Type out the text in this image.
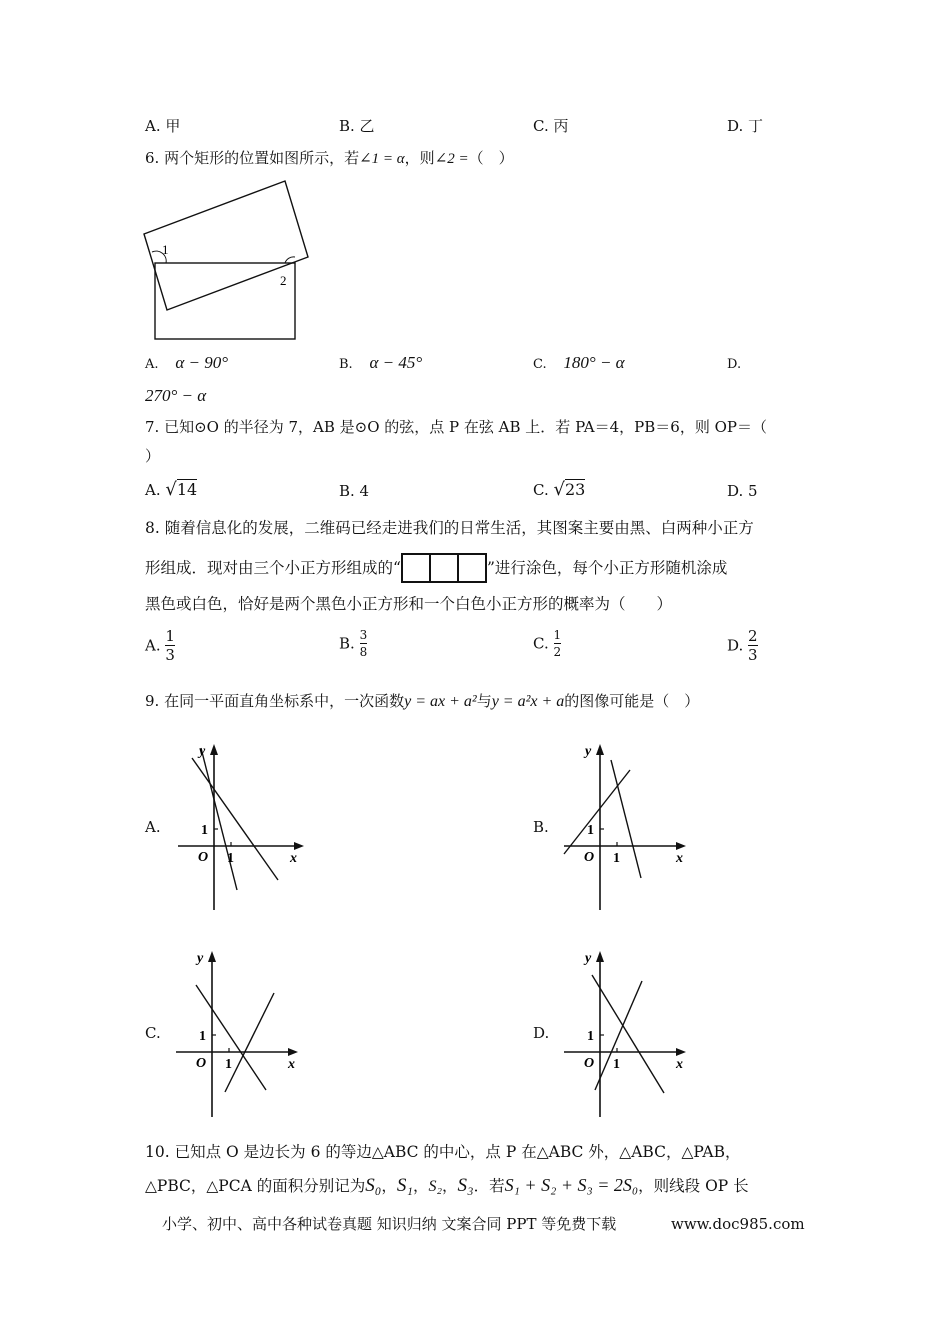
A. 甲	B. 乙	C. 丙	D. 丁
6. 两个矩形的位置如图所示，若∠1 = α，则∠2 =（　）
1
2
A. α − 90°	B. α − 45°	C. 180° − α	D.
270° − α
7. 已知⊙O 的半径为 7，AB 是⊙O 的弦，点 P 在弦 AB 上．若 PA＝4，PB＝6，则 OP＝（
）
A. √14	B. 4	C. √23	D. 5
8. 随着信息化的发展，二维码已经走进我们的日常生活，其图案主要由黑、白两种小正方
形组成．现对由三个小正方形组成的“	”进行涂色，每个小正方形随机涂成
黑色或白色，恰好是两个黑色小正方形和一个白色小正方形的概率为（　　）
A. $\frac{1}{3}$	B. $\frac{3}{8}$	C. $\frac{1}{2}$	D. $\frac{2}{3}$
9. 在同一平面直角坐标系中，一次函数y = ax + a²与y = a²x + a的图像可能是（　）
A.	B.
C.	D.
y
x
O 1
1
y
x
O 1
1
y
x
O 1
1
y
x
O 1
1
10. 已知点 O 是边长为 6 的等边△ABC 的中心，点 P 在△ABC 外，△ABC，△PAB，
△PBC，△PCA 的面积分别记为S₀，S₁，S₂，S₃．若S₁ + S₂ + S₃ = 2S₀，则线段 OP 长
小学、初中、高中各种试卷真题 知识归纳 文案合同 PPT 等免费下载	www.doc985.com
